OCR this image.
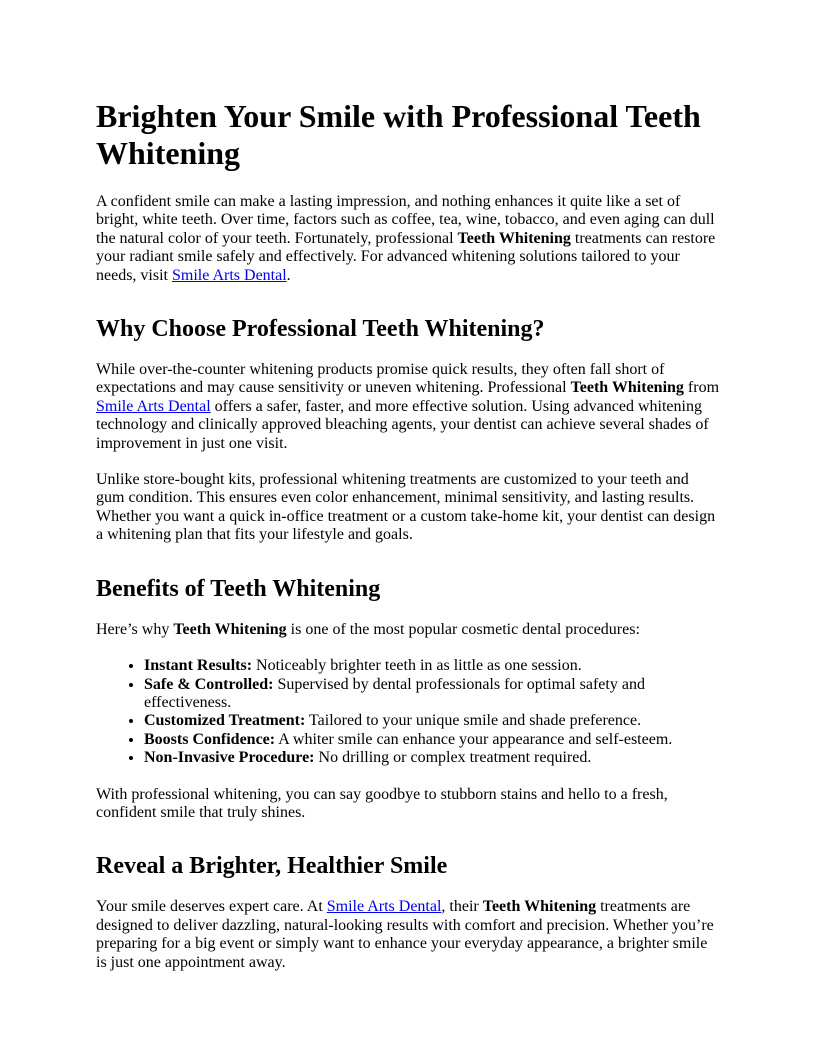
Brighten Your Smile with Professional Teeth Whitening

A confident smile can make a lasting impression, and nothing enhances it quite like a set of bright, white teeth. Over time, factors such as coffee, tea, wine, tobacco, and even aging can dull the natural color of your teeth. Fortunately, professional Teeth Whitening treatments can restore your radiant smile safely and effectively. For advanced whitening solutions tailored to your needs, visit Smile Arts Dental.

Why Choose Professional Teeth Whitening?

While over-the-counter whitening products promise quick results, they often fall short of expectations and may cause sensitivity or uneven whitening. Professional Teeth Whitening from Smile Arts Dental offers a safer, faster, and more effective solution. Using advanced whitening technology and clinically approved bleaching agents, your dentist can achieve several shades of improvement in just one visit.

Unlike store-bought kits, professional whitening treatments are customized to your teeth and gum condition. This ensures even color enhancement, minimal sensitivity, and lasting results. Whether you want a quick in-office treatment or a custom take-home kit, your dentist can design a whitening plan that fits your lifestyle and goals.

Benefits of Teeth Whitening

Here’s why Teeth Whitening is one of the most popular cosmetic dental procedures:

• Instant Results: Noticeably brighter teeth in as little as one session.
• Safe & Controlled: Supervised by dental professionals for optimal safety and effectiveness.
• Customized Treatment: Tailored to your unique smile and shade preference.
• Boosts Confidence: A whiter smile can enhance your appearance and self-esteem.
• Non-Invasive Procedure: No drilling or complex treatment required.

With professional whitening, you can say goodbye to stubborn stains and hello to a fresh, confident smile that truly shines.

Reveal a Brighter, Healthier Smile

Your smile deserves expert care. At Smile Arts Dental, their Teeth Whitening treatments are designed to deliver dazzling, natural-looking results with comfort and precision. Whether you’re preparing for a big event or simply want to enhance your everyday appearance, a brighter smile is just one appointment away.
